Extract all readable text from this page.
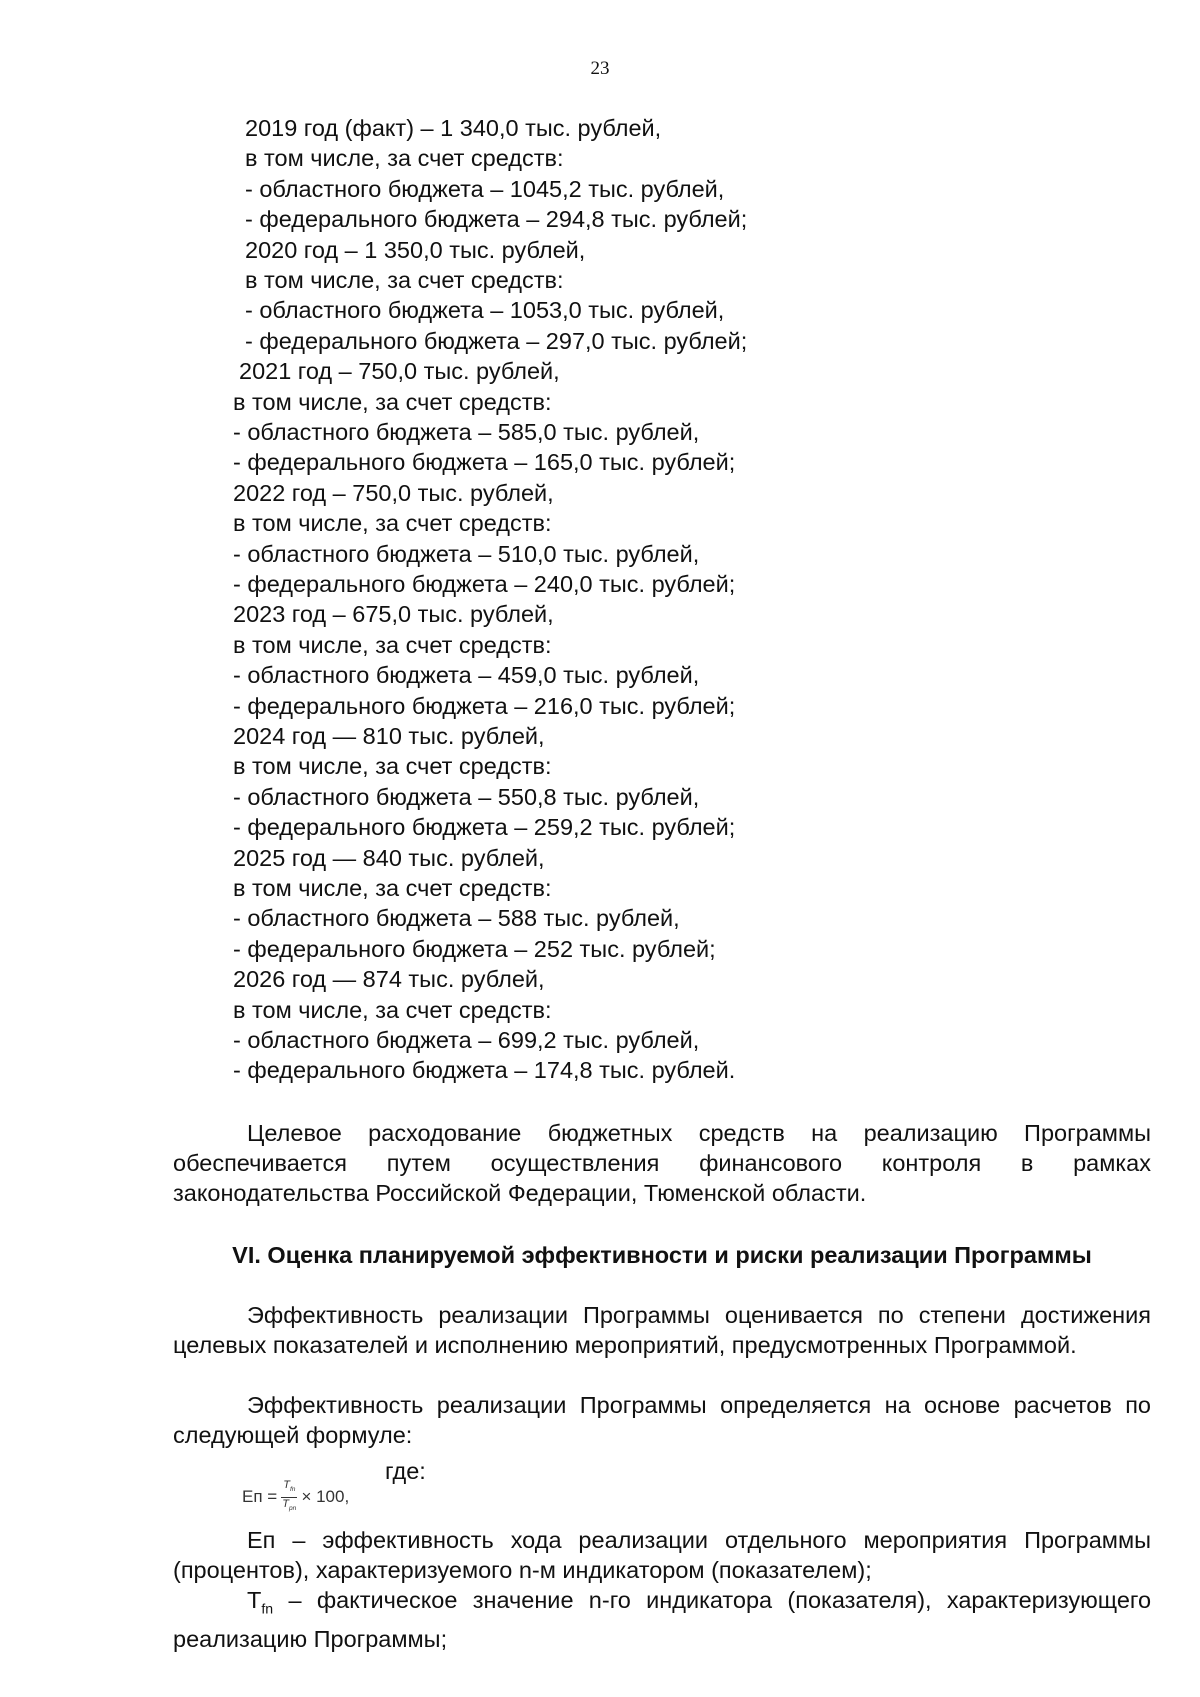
23
2019 год (факт) – 1 340,0 тыс. рублей,
в том числе, за счет средств:
- областного бюджета – 1045,2 тыс. рублей,
- федерального бюджета – 294,8 тыс. рублей;
2020 год – 1 350,0 тыс. рублей,
в том числе, за счет средств:
- областного бюджета – 1053,0 тыс. рублей,
- федерального бюджета – 297,0 тыс. рублей;
2021 год – 750,0 тыс. рублей,
в том числе, за счет средств:
- областного бюджета – 585,0 тыс. рублей,
- федерального бюджета – 165,0 тыс. рублей;
2022 год – 750,0 тыс. рублей,
в том числе, за счет средств:
- областного бюджета – 510,0 тыс. рублей,
- федерального бюджета – 240,0 тыс. рублей;
2023 год – 675,0 тыс. рублей,
в том числе, за счет средств:
- областного бюджета – 459,0 тыс. рублей,
- федерального бюджета – 216,0 тыс. рублей;
2024 год — 810 тыс. рублей,
в том числе, за счет средств:
- областного бюджета – 550,8 тыс. рублей,
- федерального бюджета – 259,2 тыс. рублей;
2025 год — 840 тыс. рублей,
в том числе, за счет средств:
- областного бюджета – 588 тыс. рублей,
- федерального бюджета – 252 тыс. рублей;
2026 год — 874 тыс. рублей,
в том числе, за счет средств:
- областного бюджета – 699,2 тыс. рублей,
- федерального бюджета – 174,8 тыс. рублей.
Целевое расходование бюджетных средств на реализацию Программы обеспечивается путем осуществления финансового контроля в рамках законодательства Российской Федерации, Тюменской области.
VI. Оценка планируемой эффективности и риски реализации Программы
Эффективность реализации Программы оценивается по степени достижения целевых показателей и исполнению мероприятий, предусмотренных Программой.
Эффективность реализации Программы определяется на основе расчетов по следующей формуле:
Еп = $\frac{Т_{fn}}{Т_{pn}} \times 100$,
где:
Еп – эффективность хода реализации отдельного мероприятия Программы (процентов), характеризуемого n-м индикатором (показателем);
$Т_{fn}$ – фактическое значение n-го индикатора (показателя), характеризующего реализацию Программы;
